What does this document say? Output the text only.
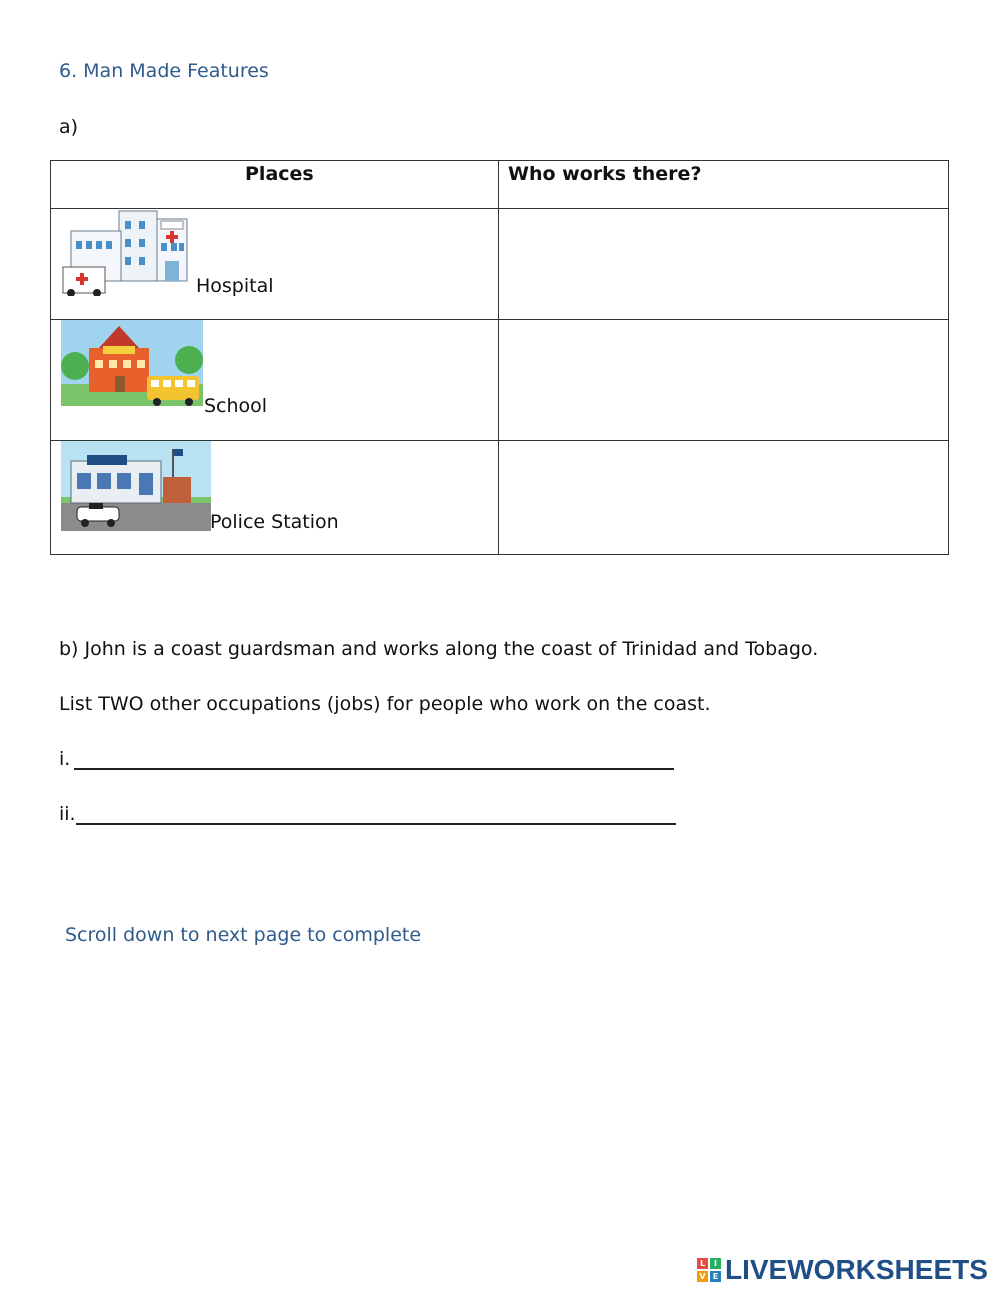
6. Man Made Features
a)
Places	Who works there?

Hospital	

School	

Police Station	

b) John is a coast guardsman and works along the coast of Trinidad and Tobago.
List TWO other occupations (jobs) for people who work on the coast.
i.
ii.
Scroll down to next page to complete
L	I
V E LIVEWORKSHEETS
